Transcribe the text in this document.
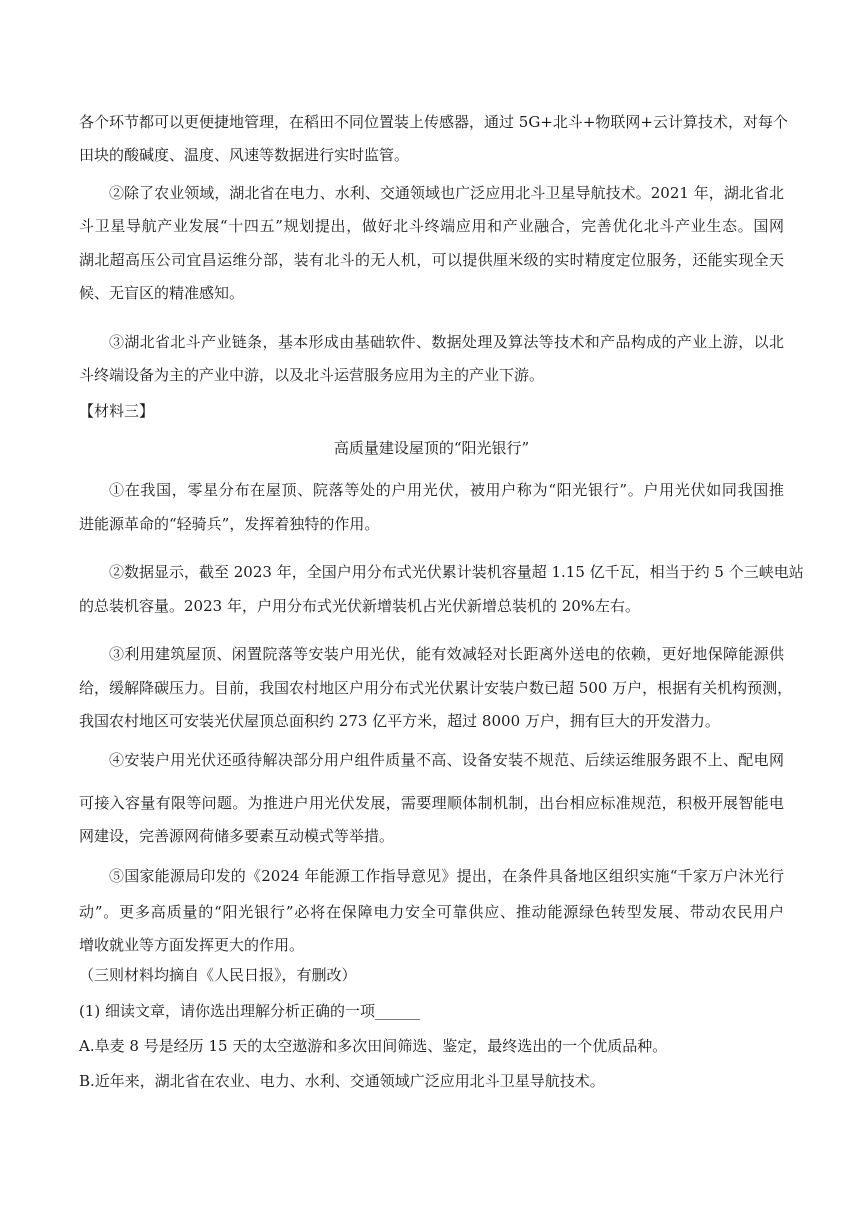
各个环节都可以更便捷地管理，在稻田不同位置装上传感器，通过 5G+北斗+物联网+云计算技术，对每个
田块的酸碱度、温度、风速等数据进行实时监管。
②除了农业领域，湖北省在电力、水利、交通领域也广泛应用北斗卫星导航技术。2021 年，湖北省北
斗卫星导航产业发展“十四五”规划提出，做好北斗终端应用和产业融合，完善优化北斗产业生态。国网
湖北超高压公司宜昌运维分部，装有北斗的无人机，可以提供厘米级的实时精度定位服务，还能实现全天
候、无盲区的精准感知。
③湖北省北斗产业链条，基本形成由基础软件、数据处理及算法等技术和产品构成的产业上游，以北
斗终端设备为主的产业中游，以及北斗运营服务应用为主的产业下游。
【材料三】
高质量建设屋顶的“阳光银行”
①在我国，零星分布在屋顶、院落等处的户用光伏，被用户称为“阳光银行”。户用光伏如同我国推
进能源革命的“轻骑兵”，发挥着独特的作用。
②数据显示，截至 2023 年，全国户用分布式光伏累计装机容量超 1.15 亿千瓦，相当于约 5 个三峡电站
的总装机容量。2023 年，户用分布式光伏新增装机占光伏新增总装机的 20%左右。
③利用建筑屋顶、闲置院落等安装户用光伏，能有效减轻对长距离外送电的依赖，更好地保障能源供
给，缓解降碳压力。目前，我国农村地区户用分布式光伏累计安装户数已超 500 万户，根据有关机构预测，
我国农村地区可安装光伏屋顶总面积约 273 亿平方米，超过 8000 万户，拥有巨大的开发潜力。
④安装户用光伏还亟待解决部分用户组件质量不高、设备安装不规范、后续运维服务跟不上、配电网
可接入容量有限等问题。为推进户用光伏发展，需要理顺体制机制，出台相应标准规范，积极开展智能电
网建设，完善源网荷储多要素互动模式等举措。
⑤国家能源局印发的《2024 年能源工作指导意见》提出，在条件具备地区组织实施“千家万户沐光行
动”。更多高质量的“阳光银行”必将在保障电力安全可靠供应、推动能源绿色转型发展、带动农民用户
增收就业等方面发挥更大的作用。
（三则材料均摘自《人民日报》，有删改）
(1) 细读文章，请你选出理解分析正确的一项______
A.阜麦 8 号是经历 15 天的太空遨游和多次田间筛选、鉴定，最终选出的一个优质品种。
B.近年来，湖北省在农业、电力、水利、交通领域广泛应用北斗卫星导航技术。
